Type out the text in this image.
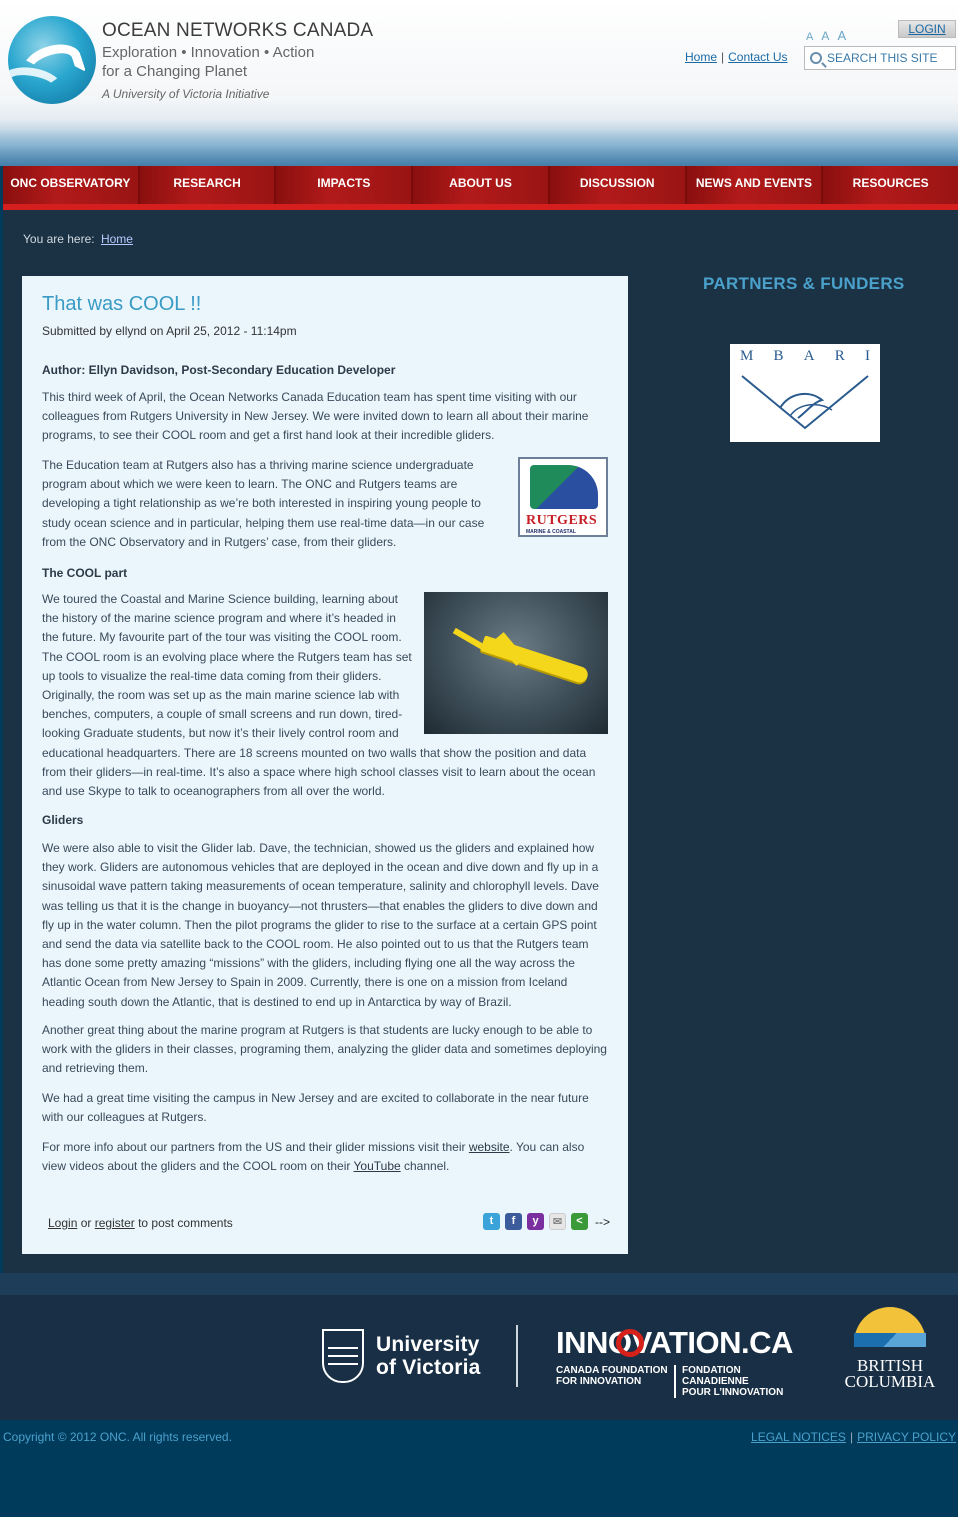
OCEAN NETWORKS CANADA
Exploration • Innovation • Action
for a Changing Planet
A University of Victoria Initiative
A A A	LOGIN
Home | Contact Us
SEARCH THIS SITE
ONC OBSERVATORY	RESEARCH	IMPACTS	ABOUT US	DISCUSSION	NEWS AND EVENTS	RESOURCES
You are here: Home
That was COOL !!
Submitted by ellynd on April 25, 2012 - 11:14pm
Author: Ellyn Davidson, Post-Secondary Education Developer

This third week of April, the Ocean Networks Canada Education team has spent time visiting with our colleagues from Rutgers University in New Jersey. We were invited down to learn all about their marine programs, to see their COOL room and get a first hand look at their incredible gliders.

The Education team at Rutgers also has a thriving marine science undergraduate program about which we were keen to learn. The ONC and Rutgers teams are developing a tight relationship as we’re both interested in inspiring young people to study ocean science and in particular, helping them use real-time data—in our case from the ONC Observatory and in Rutgers’ case, from their gliders.

RUTGERS
MARINE & COASTAL
The COOL part

We toured the Coastal and Marine Science building, learning about the history of the marine science program and where it’s headed in the future. My favourite part of the tour was visiting the COOL room. The COOL room is an evolving place where the Rutgers team has set up tools to visualize the real-time data coming from their gliders. Originally, the room was set up as the main marine science lab with benches, computers, a couple of small screens and run down, tired-looking Graduate students, but now it’s their lively control room and

educational headquarters. There are 18 screens mounted on two walls that show the position and data from their gliders—in real-time. It’s also a space where high school classes visit to learn about the ocean and use Skype to talk to oceanographers from all over the world.

Gliders

We were also able to visit the Glider lab. Dave, the technician, showed us the gliders and explained how they work. Gliders are autonomous vehicles that are deployed in the ocean and dive down and fly up in a sinusoidal wave pattern taking measurements of ocean temperature, salinity and chlorophyll levels. Dave was telling us that it is the change in buoyancy—not thrusters—that enables the gliders to dive down and fly up in the water column. Then the pilot programs the glider to rise to the surface at a certain GPS point and send the data via satellite back to the COOL room. He also pointed out to us that the Rutgers team has done some pretty amazing “missions” with the gliders, including flying one all the way across the Atlantic Ocean from New Jersey to Spain in 2009. Currently, there is one on a mission from Iceland heading south down the Atlantic, that is destined to end up in Antarctica by way of Brazil.

Another great thing about the marine program at Rutgers is that students are lucky enough to be able to work with the gliders in their classes, programing them, analyzing the glider data and sometimes deploying and retrieving them.

We had a great time visiting the campus in New Jersey and are excited to collaborate in the near future with our colleagues at Rutgers.

For more info about our partners from the US and their glider missions visit their website. You can also view videos about the gliders and the COOL room on their YouTube channel.

Login or register to post comments	t	f	y	✉	<	-->
PARTNERS & FUNDERS
M B A R I
University
of Victoria
INNOVATION.CA
CANADA FOUNDATION
FOR INNOVATION
FONDATION CANADIENNE
POUR L’INNOVATION
BRITISH
COLUMBIA
Copyright © 2012 ONC. All rights reserved.	LEGAL NOTICES | PRIVACY POLICY
